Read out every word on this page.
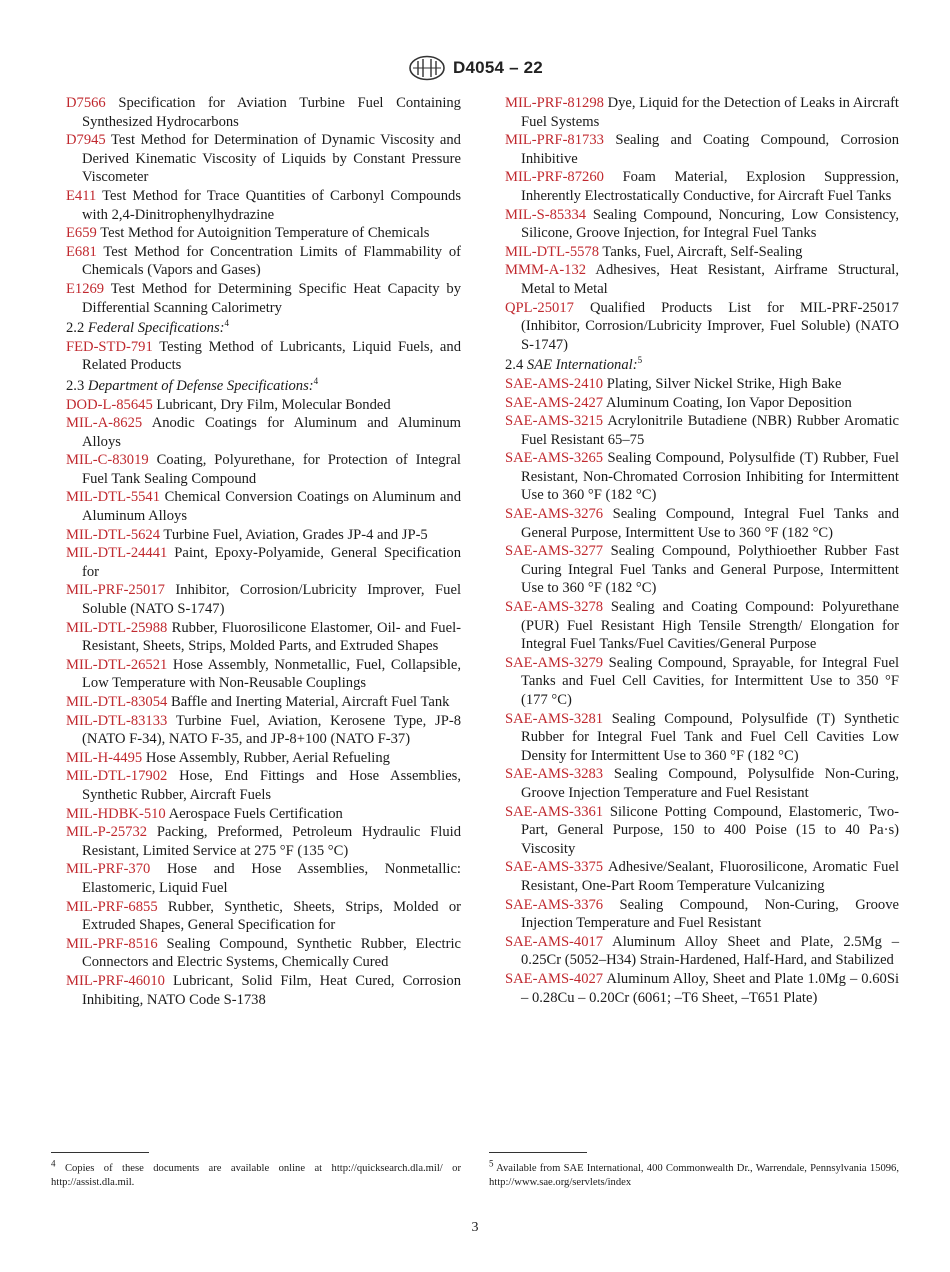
D4054 – 22

D7566 Specification for Aviation Turbine Fuel Containing Synthesized Hydrocarbons

D7945 Test Method for Determination of Dynamic Viscosity and Derived Kinematic Viscosity of Liquids by Constant Pressure Viscometer

E411 Test Method for Trace Quantities of Carbonyl Compounds with 2,4-Dinitrophenylhydrazine

E659 Test Method for Autoignition Temperature of Chemicals

E681 Test Method for Concentration Limits of Flammability of Chemicals (Vapors and Gases)

E1269 Test Method for Determining Specific Heat Capacity by Differential Scanning Calorimetry

2.2 Federal Specifications:$^4$

FED-STD-791 Testing Method of Lubricants, Liquid Fuels, and Related Products

2.3 Department of Defense Specifications:$^4$

DOD-L-85645 Lubricant, Dry Film, Molecular Bonded

MIL-A-8625 Anodic Coatings for Aluminum and Aluminum Alloys

MIL-C-83019 Coating, Polyurethane, for Protection of Integral Fuel Tank Sealing Compound

MIL-DTL-5541 Chemical Conversion Coatings on Aluminum and Aluminum Alloys

MIL-DTL-5624 Turbine Fuel, Aviation, Grades JP-4 and JP-5

MIL-DTL-24441 Paint, Epoxy-Polyamide, General Specification for

MIL-PRF-25017 Inhibitor, Corrosion/Lubricity Improver, Fuel Soluble (NATO S-1747)

MIL-DTL-25988 Rubber, Fluorosilicone Elastomer, Oil- and Fuel-Resistant, Sheets, Strips, Molded Parts, and Extruded Shapes

MIL-DTL-26521 Hose Assembly, Nonmetallic, Fuel, Collapsible, Low Temperature with Non-Reusable Couplings

MIL-DTL-83054 Baffle and Inerting Material, Aircraft Fuel Tank

MIL-DTL-83133 Turbine Fuel, Aviation, Kerosene Type, JP-8 (NATO F-34), NATO F-35, and JP-8+100 (NATO F-37)

MIL-H-4495 Hose Assembly, Rubber, Aerial Refueling

MIL-DTL-17902 Hose, End Fittings and Hose Assemblies, Synthetic Rubber, Aircraft Fuels

MIL-HDBK-510 Aerospace Fuels Certification

MIL-P-25732 Packing, Preformed, Petroleum Hydraulic Fluid Resistant, Limited Service at 275 °F (135 °C)

MIL-PRF-370 Hose and Hose Assemblies, Nonmetallic: Elastomeric, Liquid Fuel

MIL-PRF-6855 Rubber, Synthetic, Sheets, Strips, Molded or Extruded Shapes, General Specification for

MIL-PRF-8516 Sealing Compound, Synthetic Rubber, Electric Connectors and Electric Systems, Chemically Cured

MIL-PRF-46010 Lubricant, Solid Film, Heat Cured, Corrosion Inhibiting, NATO Code S-1738

MIL-PRF-81298 Dye, Liquid for the Detection of Leaks in Aircraft Fuel Systems

MIL-PRF-81733 Sealing and Coating Compound, Corrosion Inhibitive

MIL-PRF-87260 Foam Material, Explosion Suppression, Inherently Electrostatically Conductive, for Aircraft Fuel Tanks

MIL-S-85334 Sealing Compound, Noncuring, Low Consistency, Silicone, Groove Injection, for Integral Fuel Tanks

MIL-DTL-5578 Tanks, Fuel, Aircraft, Self-Sealing

MMM-A-132 Adhesives, Heat Resistant, Airframe Structural, Metal to Metal

QPL-25017 Qualified Products List for MIL-PRF-25017 (Inhibitor, Corrosion/Lubricity Improver, Fuel Soluble) (NATO S-1747)

2.4 SAE International:$^5$

SAE-AMS-2410 Plating, Silver Nickel Strike, High Bake

SAE-AMS-2427 Aluminum Coating, Ion Vapor Deposition

SAE-AMS-3215 Acrylonitrile Butadiene (NBR) Rubber Aromatic Fuel Resistant 65–75

SAE-AMS-3265 Sealing Compound, Polysulfide (T) Rubber, Fuel Resistant, Non-Chromated Corrosion Inhibiting for Intermittent Use to 360 °F (182 °C)

SAE-AMS-3276 Sealing Compound, Integral Fuel Tanks and General Purpose, Intermittent Use to 360 °F (182 °C)

SAE-AMS-3277 Sealing Compound, Polythioether Rubber Fast Curing Integral Fuel Tanks and General Purpose, Intermittent Use to 360 °F (182 °C)

SAE-AMS-3278 Sealing and Coating Compound: Polyurethane (PUR) Fuel Resistant High Tensile Strength/ Elongation for Integral Fuel Tanks/Fuel Cavities/General Purpose

SAE-AMS-3279 Sealing Compound, Sprayable, for Integral Fuel Tanks and Fuel Cell Cavities, for Intermittent Use to 350 °F (177 °C)

SAE-AMS-3281 Sealing Compound, Polysulfide (T) Synthetic Rubber for Integral Fuel Tank and Fuel Cell Cavities Low Density for Intermittent Use to 360 °F (182 °C)

SAE-AMS-3283 Sealing Compound, Polysulfide Non-Curing, Groove Injection Temperature and Fuel Resistant

SAE-AMS-3361 Silicone Potting Compound, Elastomeric, Two-Part, General Purpose, 150 to 400 Poise (15 to 40 Pa·s) Viscosity

SAE-AMS-3375 Adhesive/Sealant, Fluorosilicone, Aromatic Fuel Resistant, One-Part Room Temperature Vulcanizing

SAE-AMS-3376 Sealing Compound, Non-Curing, Groove Injection Temperature and Fuel Resistant

SAE-AMS-4017 Aluminum Alloy Sheet and Plate, 2.5Mg – 0.25Cr (5052–H34) Strain-Hardened, Half-Hard, and Stabilized

SAE-AMS-4027 Aluminum Alloy, Sheet and Plate 1.0Mg – 0.60Si – 0.28Cu – 0.20Cr (6061; –T6 Sheet, –T651 Plate)

$^4$ Copies of these documents are available online at http://quicksearch.dla.mil/ or http://assist.dla.mil.
$^5$ Available from SAE International, 400 Commonwealth Dr., Warrendale, Pennsylvania 15096, http://www.sae.org/servlets/index
3
